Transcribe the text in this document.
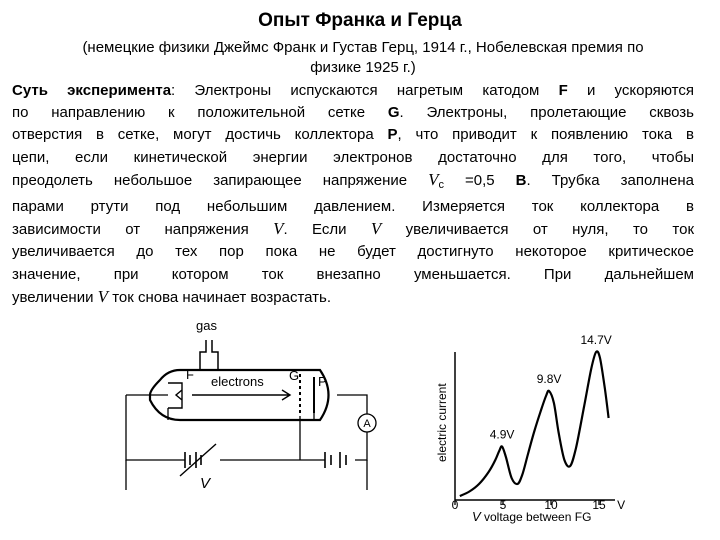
Опыт Франка и Герца
(немецкие физики Джеймс Франк и Густав Герц, 1914 г., Нобелевская премия по
физике 1925 г.)
Суть эксперимента: Электроны испускаются нагретым катодом F и ускоряются
по направлению к положительной сетке G. Электроны, пролетающие сквозь
отверстия в сетке, могут достичь коллектора P, что приводит к появлению тока в
цепи, если кинетической энергии электронов достаточно для того, чтобы
преодолеть небольшое запирающее напряжение $V_c =0,5$ В. Трубка заполнена
парами ртути под небольшим давлением. Измеряется ток коллектора в
зависимости от напряжения V. Если V увеличивается от нуля, то ток
увеличивается до тех пор пока не будет достигнуто некоторое критическое
значение, при котором ток внезапно уменьшается. При дальнейшем
увеличении V ток снова начинает возрастать.
A
gas
F electrons G P
V
electric current
0	5	10	15 V
4.9V
9.8V
14.7V
V voltage between FG
